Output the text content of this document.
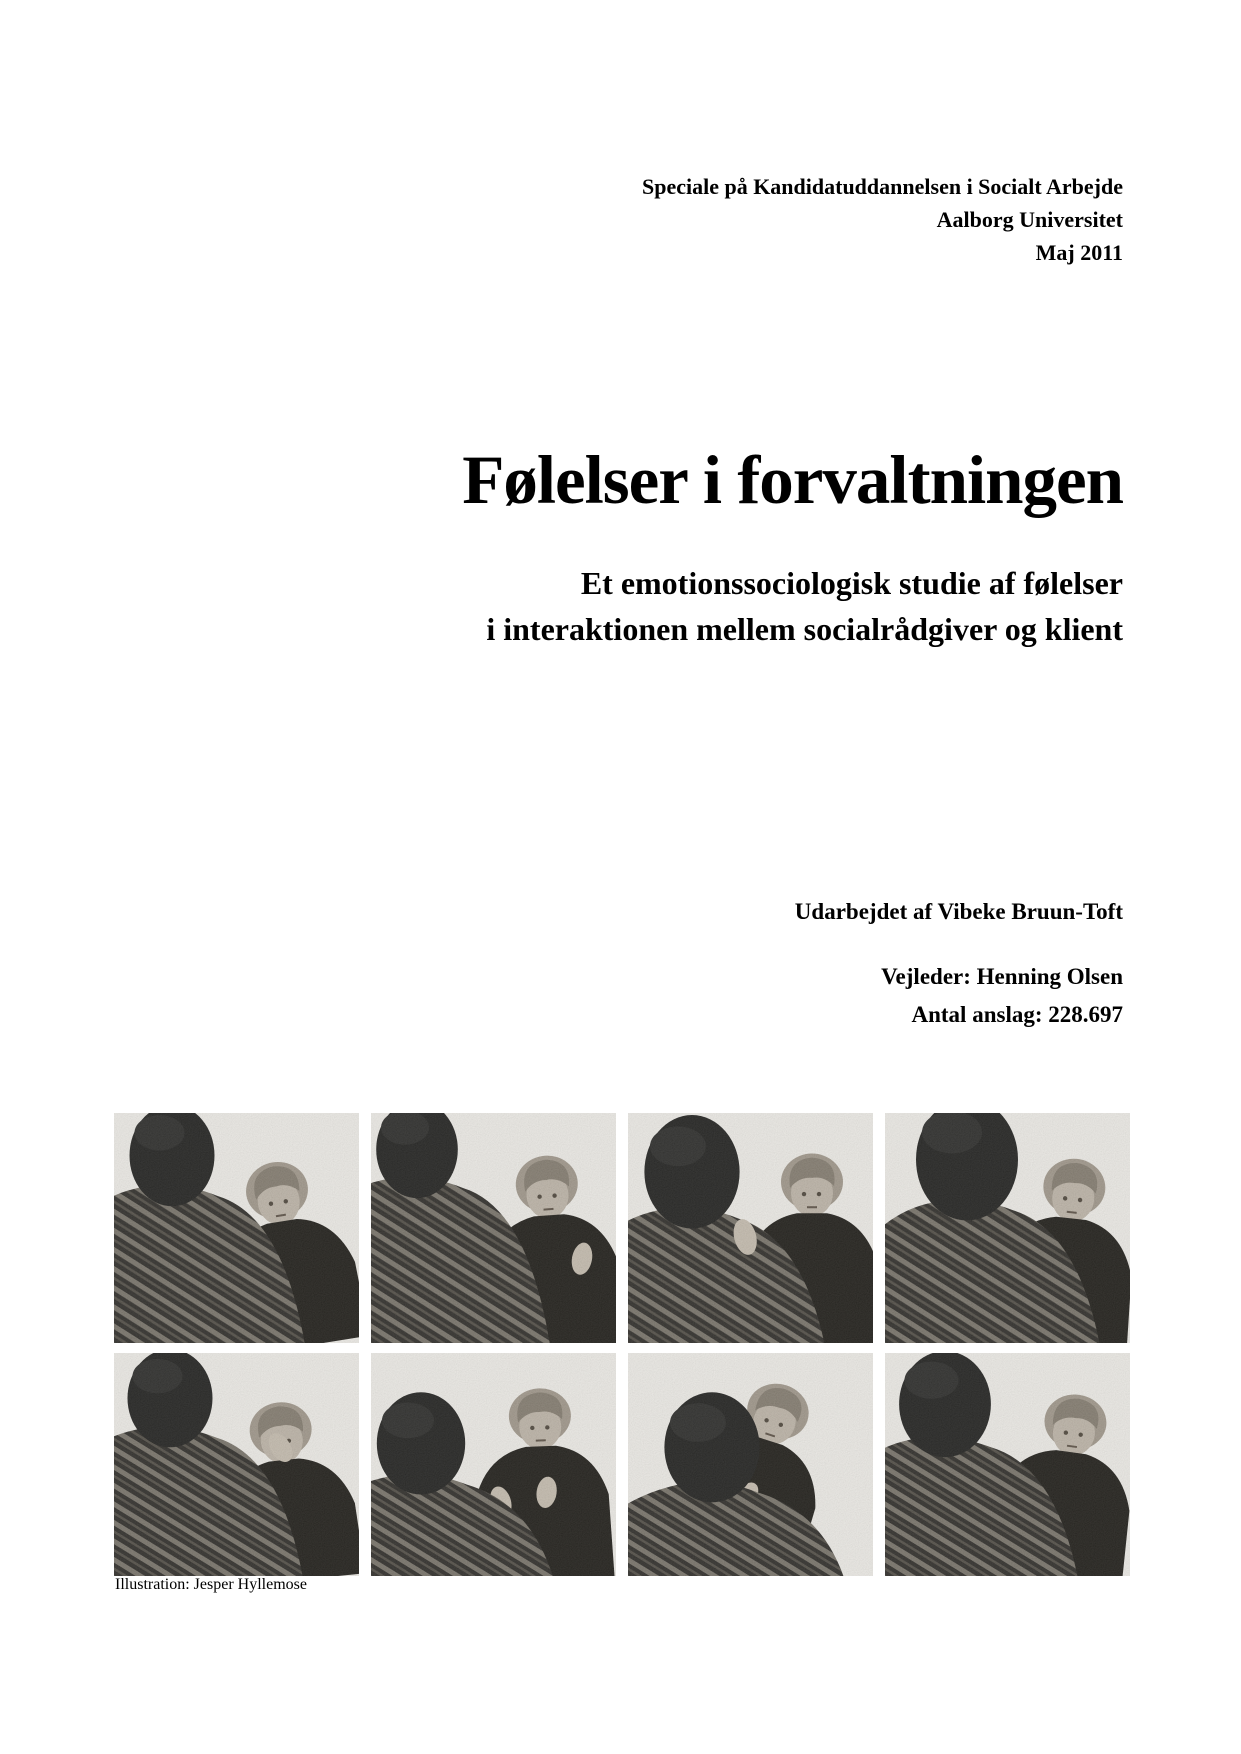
Speciale på Kandidatuddannelsen i Socialt Arbejde
Aalborg Universitet
Maj 2011
Følelser i forvaltningen
Et emotionssociologisk studie af følelser
i interaktionen mellem socialrådgiver og klient
Udarbejdet af Vibeke Bruun-Toft
Vejleder: Henning Olsen
Antal anslag: 228.697
Illustration: Jesper Hyllemose
